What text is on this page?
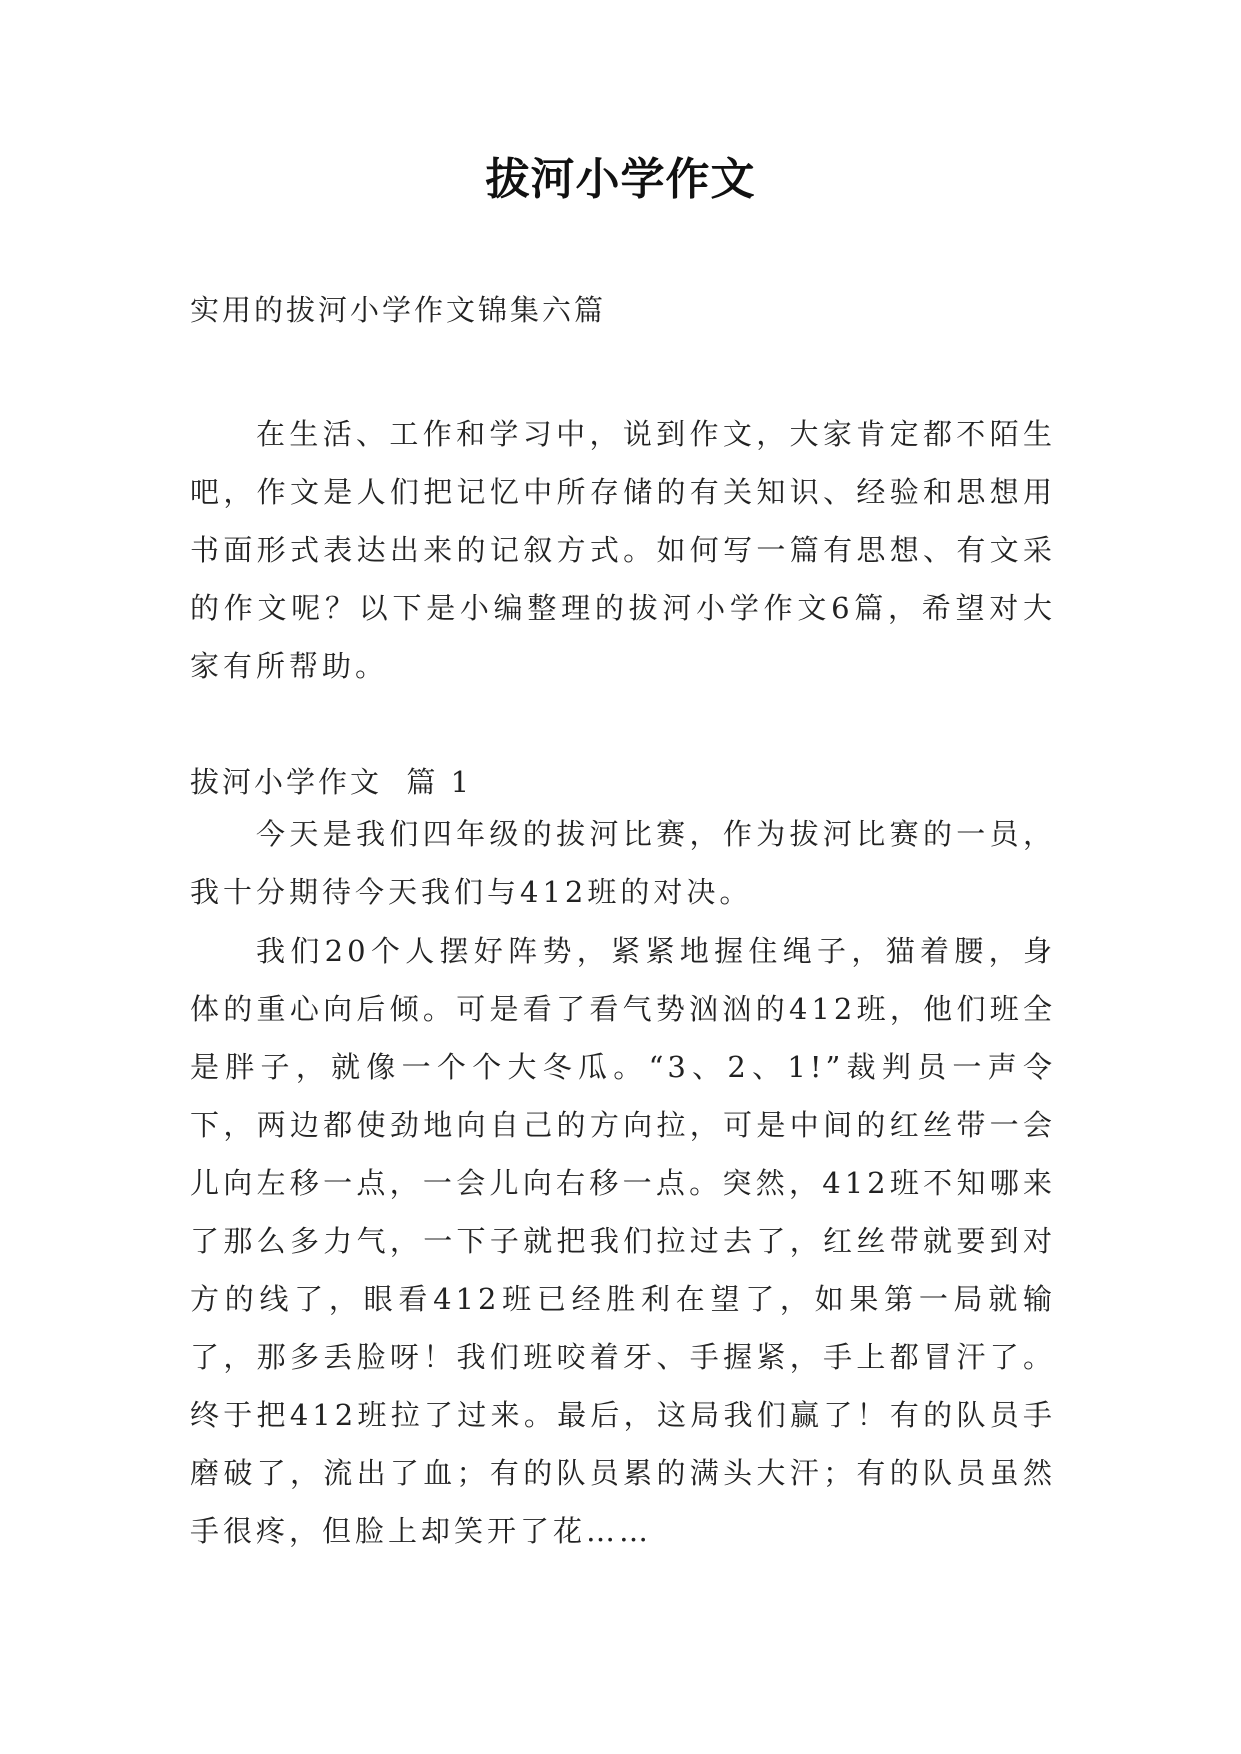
拔河小学作文
实用的拔河小学作文锦集六篇

在生活、工作和学习中，说到作文，大家肯定都不陌生吧，作文是人们把记忆中所存储的有关知识、经验和思想用书面形式表达出来的记叙方式。如何写一篇有思想、有文采的作文呢？以下是小编整理的拔河小学作文6篇，希望对大家有所帮助。

拔河小学作文  篇 1

今天是我们四年级的拔河比赛，作为拔河比赛的一员，我十分期待今天我们与412班的对决。

我们20个人摆好阵势，紧紧地握住绳子，猫着腰，身体的重心向后倾。可是看了看气势汹汹的412班，他们班全是胖子，就像一个个大冬瓜。“3、2、1!”裁判员一声令下，两边都使劲地向自己的方向拉，可是中间的红丝带一会儿向左移一点，一会儿向右移一点。突然，412班不知哪来了那么多力气，一下子就把我们拉过去了，红丝带就要到对方的线了，眼看412班已经胜利在望了，如果第一局就输了，那多丢脸呀！我们班咬着牙、手握紧，手上都冒汗了。终于把412班拉了过来。最后，这局我们赢了！有的队员手磨破了，流出了血；有的队员累的满头大汗；有的队员虽然手很疼，但脸上却笑开了花……
